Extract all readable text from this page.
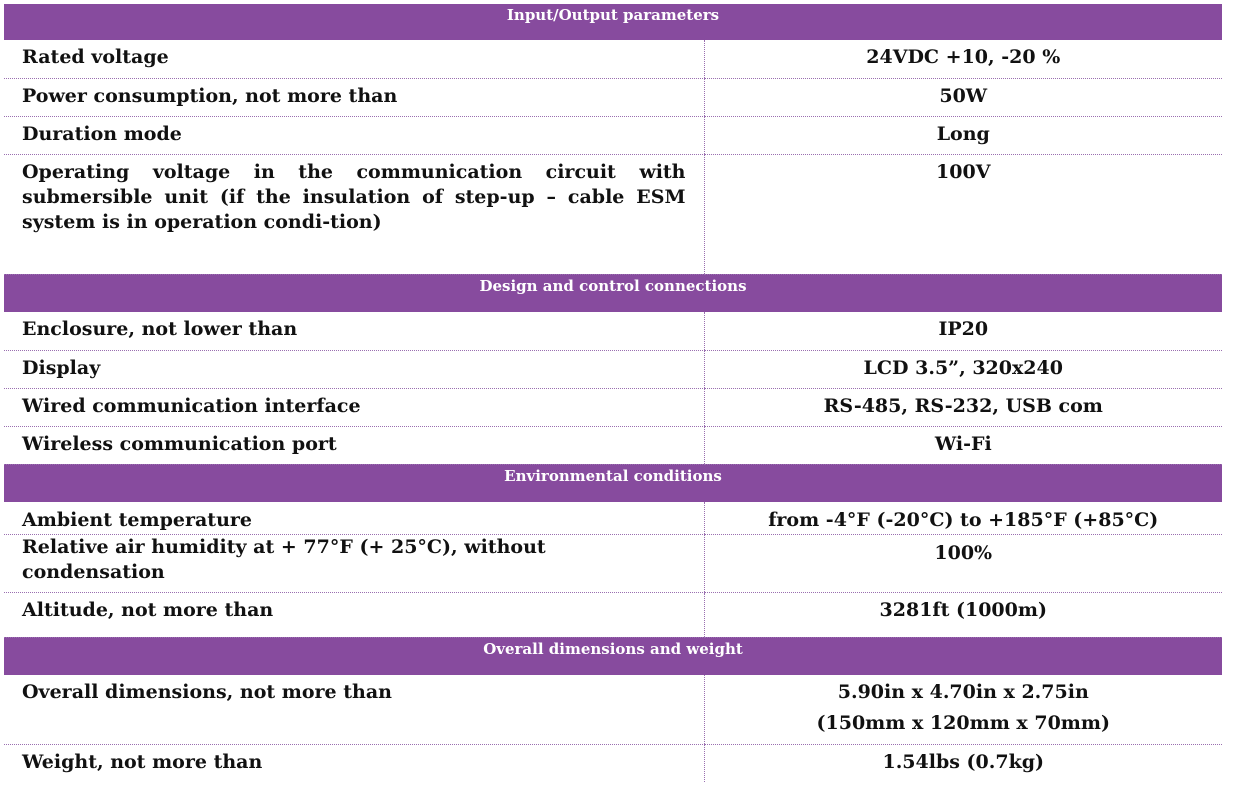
Input/Output parameters	
Rated voltage	24VDC +10, -20 %
Power consumption, not more than	50W
Duration mode	Long
Operating voltage in the communication circuit with submersible unit (if the insulation of step-up – cable ESM system is in operation condi-tion)	100V
Design and control connections	
Enclosure, not lower than	IP20
Display	LCD 3.5”, 320x240
Wired communication interface	RS-485, RS-232, USB com
Wireless communication port	Wi-Fi
Environmental conditions	
Ambient temperature	from -4°F (-20°C) to +185°F (+85°C)
Relative air humidity at + 77°F (+ 25°C), without condensation	100%
Altitude, not more than	3281ft (1000m)
Overall dimensions and weight	
Overall dimensions, not more than	5.90in x 4.70in x 2.75in
(150mm x 120mm x 70mm)

Weight, not more than	1.54lbs (0.7kg)
